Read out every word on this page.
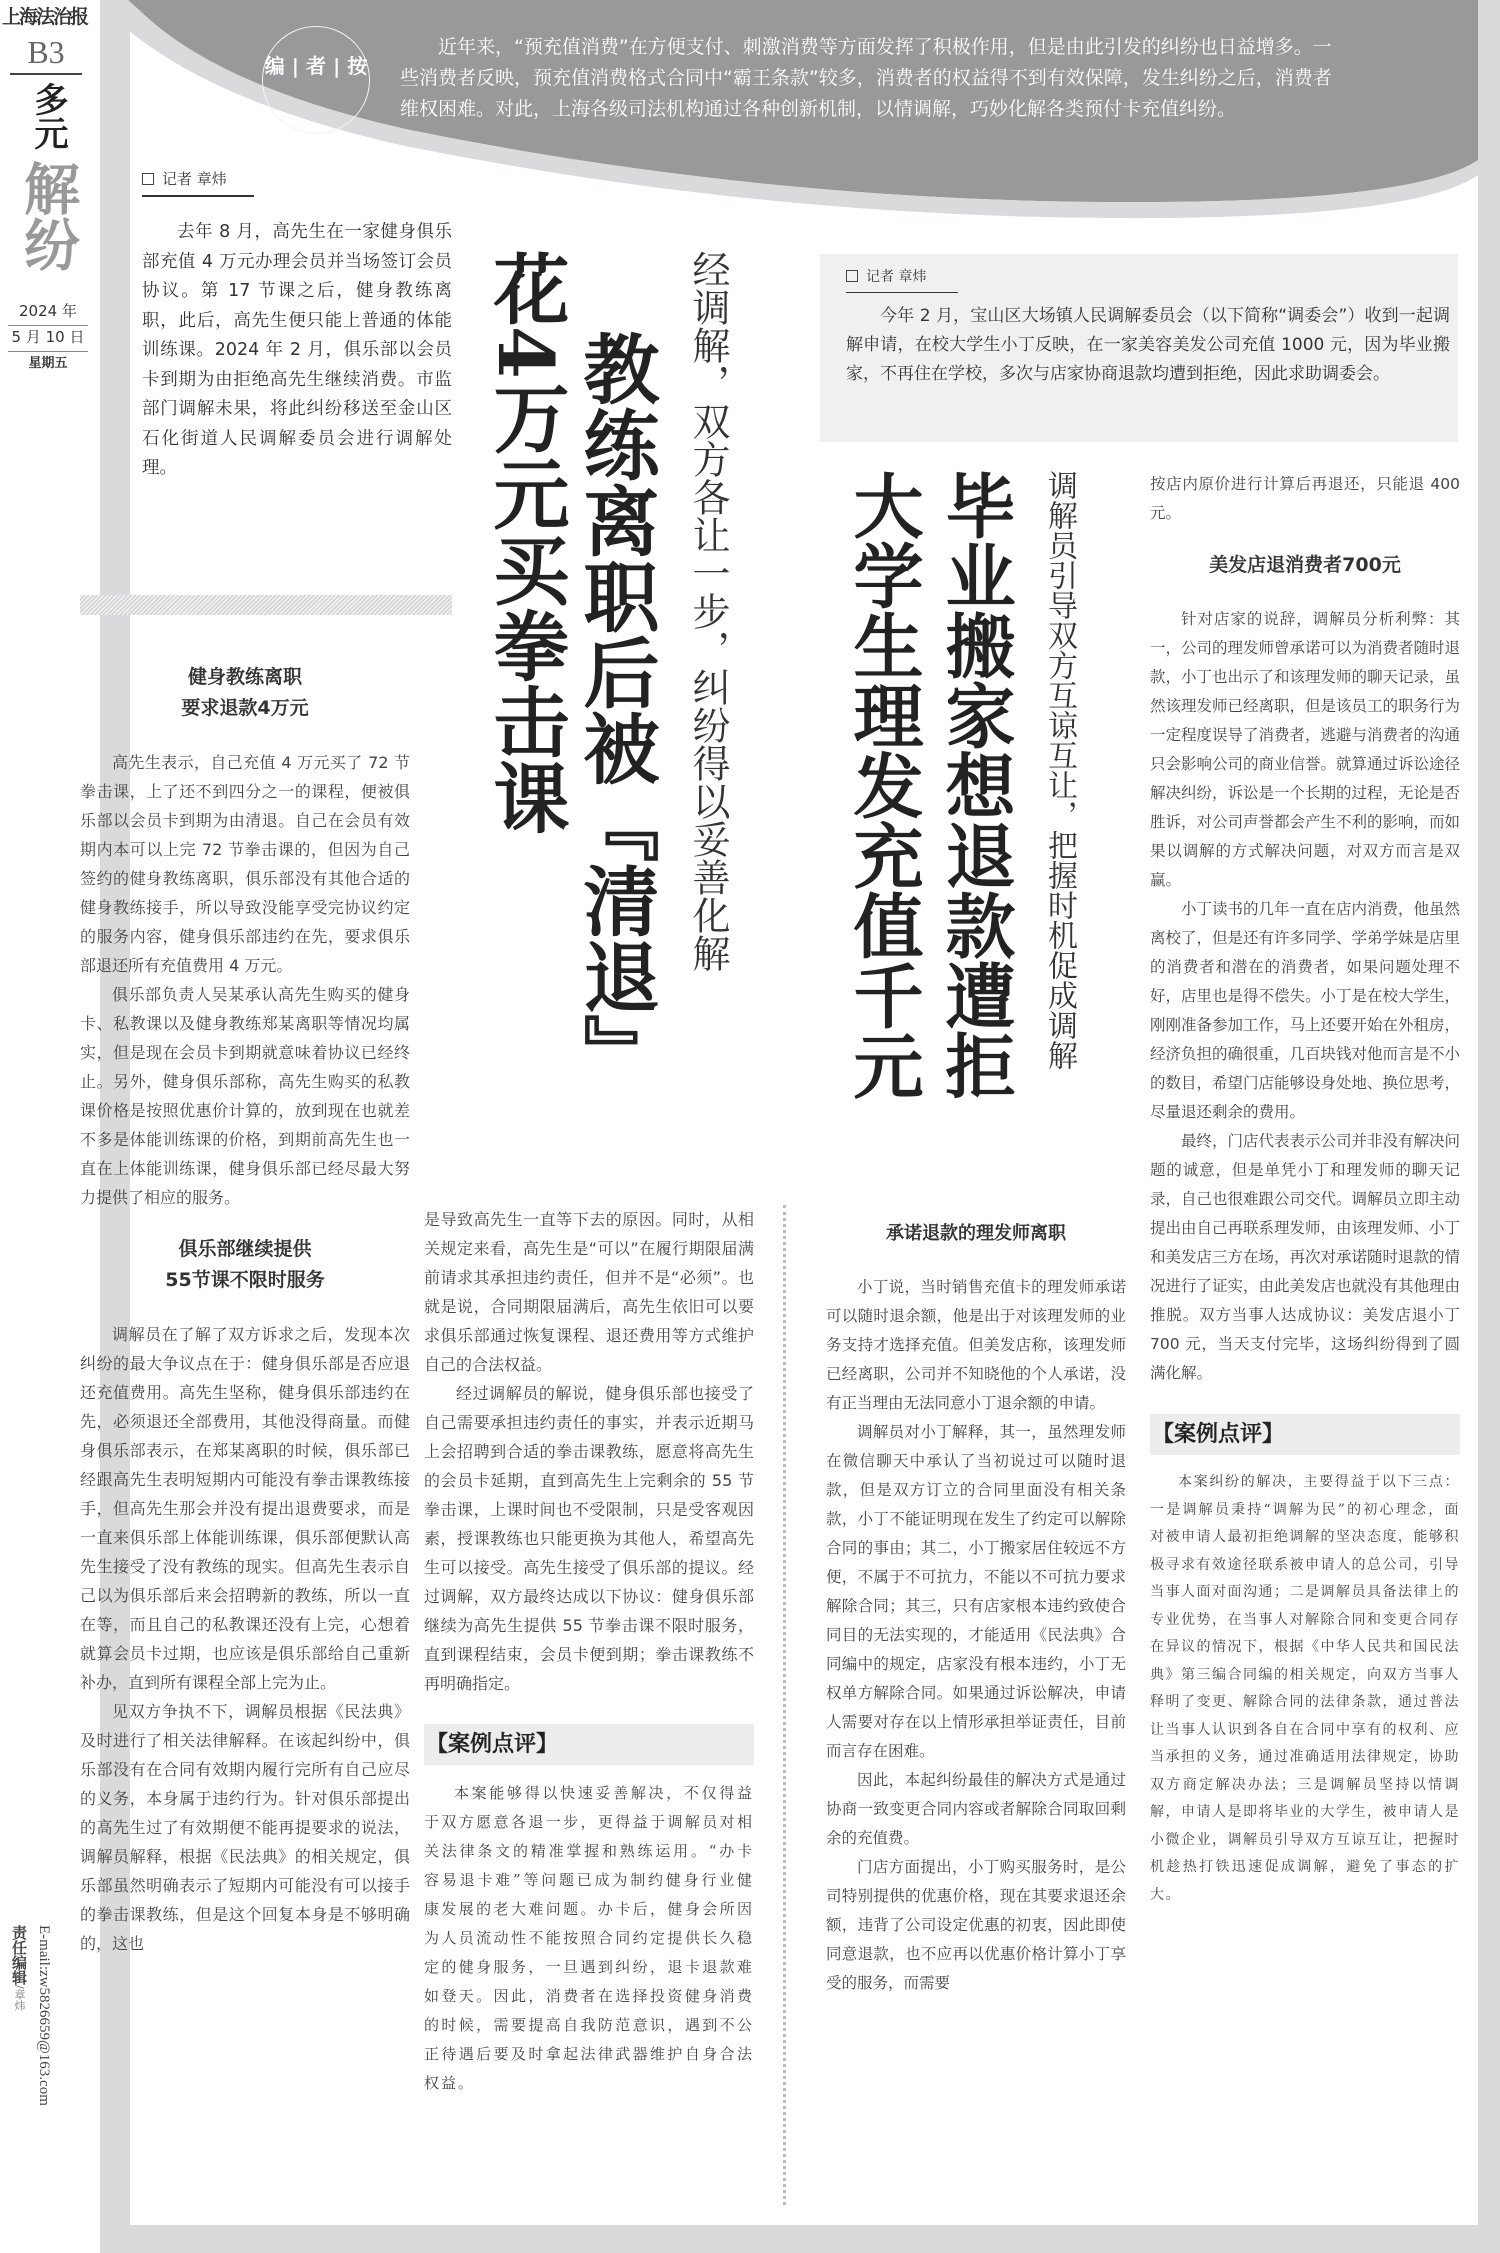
上海法治报
B3
多元
解纷
2024 年
5 月 10 日
星期五
责任编辑/章炜 E-mail:zw5826659@163.com
编 | 者 | 按
近年来，“预充值消费”在方便支付、刺激消费等方面发挥了积极作用，但是由此引发的纠纷也日益增多。一些消费者反映，预充值消费格式合同中“霸王条款”较多，消费者的权益得不到有效保障，发生纠纷之后，消费者维权困难。对此，上海各级司法机构通过各种创新机制，以情调解，巧妙化解各类预付卡充值纠纷。
记者 章炜

去年 8 月，高先生在一家健身俱乐部充值 4 万元办理会员并当场签订会员协议。第 17 节课之后，健身教练离职，此后，高先生便只能上普通的体能训练课。2024 年 2 月，俱乐部以会员卡到期为由拒绝高先生继续消费。市监部门调解未果，将此纠纷移送至金山区石化街道人民调解委员会进行调解处理。

健身教练离职
要求退款4万元

高先生表示，自己充值 4 万元买了 72 节拳击课，上了还不到四分之一的课程，便被俱乐部以会员卡到期为由清退。自己在会员有效期内本可以上完 72 节拳击课的，但因为自己签约的健身教练离职，俱乐部没有其他合适的健身教练接手，所以导致没能享受完协议约定的服务内容，健身俱乐部违约在先，要求俱乐部退还所有充值费用 4 万元。

俱乐部负责人吴某承认高先生购买的健身卡、私教课以及健身教练郑某离职等情况均属实，但是现在会员卡到期就意味着协议已经终止。另外，健身俱乐部称，高先生购买的私教课价格是按照优惠价计算的，放到现在也就差不多是体能训练课的价格，到期前高先生也一直在上体能训练课，健身俱乐部已经尽最大努力提供了相应的服务。

俱乐部继续提供
55节课不限时服务

调解员在了解了双方诉求之后，发现本次纠纷的最大争议点在于：健身俱乐部是否应退还充值费用。高先生坚称，健身俱乐部违约在先，必须退还全部费用，其他没得商量。而健身俱乐部表示，在郑某离职的时候，俱乐部已经跟高先生表明短期内可能没有拳击课教练接手，但高先生那会并没有提出退费要求，而是一直来俱乐部上体能训练课，俱乐部便默认高先生接受了没有教练的现实。但高先生表示自己以为俱乐部后来会招聘新的教练，所以一直在等，而且自己的私教课还没有上完，心想着就算会员卡过期，也应该是俱乐部给自己重新补办，直到所有课程全部上完为止。

见双方争执不下，调解员根据《民法典》及时进行了相关法律解释。在该起纠纷中，俱乐部没有在合同有效期内履行完所有自己应尽的义务，本身属于违约行为。针对俱乐部提出的高先生过了有效期便不能再提要求的说法，调解员解释，根据《民法典》的相关规定，俱乐部虽然明确表示了短期内可能没有可以接手的拳击课教练，但是这个回复本身是不够明确的，这也

花4万元买拳击课 教练离职后被『清退』 经调解，双方各让一步，纠纷得以妥善化解

是导致高先生一直等下去的原因。同时，从相关规定来看，高先生是“可以”在履行期限届满前请求其承担违约责任，但并不是“必须”。也就是说，合同期限届满后，高先生依旧可以要求俱乐部通过恢复课程、退还费用等方式维护自己的合法权益。

经过调解员的解说，健身俱乐部也接受了自己需要承担违约责任的事实，并表示近期马上会招聘到合适的拳击课教练，愿意将高先生的会员卡延期，直到高先生上完剩余的 55 节拳击课，上课时间也不受限制，只是受客观因素，授课教练也只能更换为其他人，希望高先生可以接受。高先生接受了俱乐部的提议。经过调解，双方最终达成以下协议：健身俱乐部继续为高先生提供 55 节拳击课不限时服务，直到课程结束，会员卡便到期；拳击课教练不再明确指定。

【案例点评】

本案能够得以快速妥善解决，不仅得益于双方愿意各退一步，更得益于调解员对相关法律条文的精准掌握和熟练运用。“办卡容易退卡难”等问题已成为制约健身行业健康发展的老大难问题。办卡后，健身会所因为人员流动性不能按照合同约定提供长久稳定的健身服务，一旦遇到纠纷，退卡退款难如登天。因此，消费者在选择投资健身消费的时候，需要提高自我防范意识，遇到不公正待遇后要及时拿起法律武器维护自身合法权益。

记者 章炜

今年 2 月，宝山区大场镇人民调解委员会（以下简称“调委会”）收到一起调解申请，在校大学生小丁反映，在一家美容美发公司充值 1000 元，因为毕业搬家，不再住在学校，多次与店家协商退款均遭到拒绝，因此求助调委会。

大学生理发充值千元 毕业搬家想退款遭拒 调解员引导双方互谅互让，把握时机促成调解
承诺退款的理发师离职

小丁说，当时销售充值卡的理发师承诺可以随时退余额，他是出于对该理发师的业务支持才选择充值。但美发店称，该理发师已经离职，公司并不知晓他的个人承诺，没有正当理由无法同意小丁退余额的申请。

调解员对小丁解释，其一，虽然理发师在微信聊天中承认了当初说过可以随时退款，但是双方订立的合同里面没有相关条款，小丁不能证明现在发生了约定可以解除合同的事由；其二，小丁搬家居住较远不方便，不属于不可抗力，不能以不可抗力要求解除合同；其三，只有店家根本违约致使合同目的无法实现的，才能适用《民法典》合同编中的规定，店家没有根本违约，小丁无权单方解除合同。如果通过诉讼解决，申请人需要对存在以上情形承担举证责任，目前而言存在困难。

因此，本起纠纷最佳的解决方式是通过协商一致变更合同内容或者解除合同取回剩余的充值费。

门店方面提出，小丁购买服务时，是公司特别提供的优惠价格，现在其要求退还余额，违背了公司设定优惠的初衷，因此即使同意退款，也不应再以优惠价格计算小丁享受的服务，而需要

按店内原价进行计算后再退还，只能退 400 元。

美发店退消费者700元

针对店家的说辞，调解员分析利弊：其一，公司的理发师曾承诺可以为消费者随时退款，小丁也出示了和该理发师的聊天记录，虽然该理发师已经离职，但是该员工的职务行为一定程度误导了消费者，逃避与消费者的沟通只会影响公司的商业信誉。就算通过诉讼途径解决纠纷，诉讼是一个长期的过程，无论是否胜诉，对公司声誉都会产生不利的影响，而如果以调解的方式解决问题，对双方而言是双赢。

小丁读书的几年一直在店内消费，他虽然离校了，但是还有许多同学、学弟学妹是店里的消费者和潜在的消费者，如果问题处理不好，店里也是得不偿失。小丁是在校大学生，刚刚准备参加工作，马上还要开始在外租房，经济负担的确很重，几百块钱对他而言是不小的数目，希望门店能够设身处地、换位思考，尽量退还剩余的费用。

最终，门店代表表示公司并非没有解决问题的诚意，但是单凭小丁和理发师的聊天记录，自己也很难跟公司交代。调解员立即主动提出由自己再联系理发师，由该理发师、小丁和美发店三方在场，再次对承诺随时退款的情况进行了证实，由此美发店也就没有其他理由推脱。双方当事人达成协议：美发店退小丁 700 元，当天支付完毕，这场纠纷得到了圆满化解。

【案例点评】

本案纠纷的解决，主要得益于以下三点：一是调解员秉持“调解为民”的初心理念，面对被申请人最初拒绝调解的坚决态度，能够积极寻求有效途径联系被申请人的总公司，引导当事人面对面沟通；二是调解员具备法律上的专业优势，在当事人对解除合同和变更合同存在异议的情况下，根据《中华人民共和国民法典》第三编合同编的相关规定，向双方当事人释明了变更、解除合同的法律条款，通过普法让当事人认识到各自在合同中享有的权利、应当承担的义务，通过准确适用法律规定，协助双方商定解决办法；三是调解员坚持以情调解，申请人是即将毕业的大学生，被申请人是小微企业，调解员引导双方互谅互让，把握时机趁热打铁迅速促成调解，避免了事态的扩大。
